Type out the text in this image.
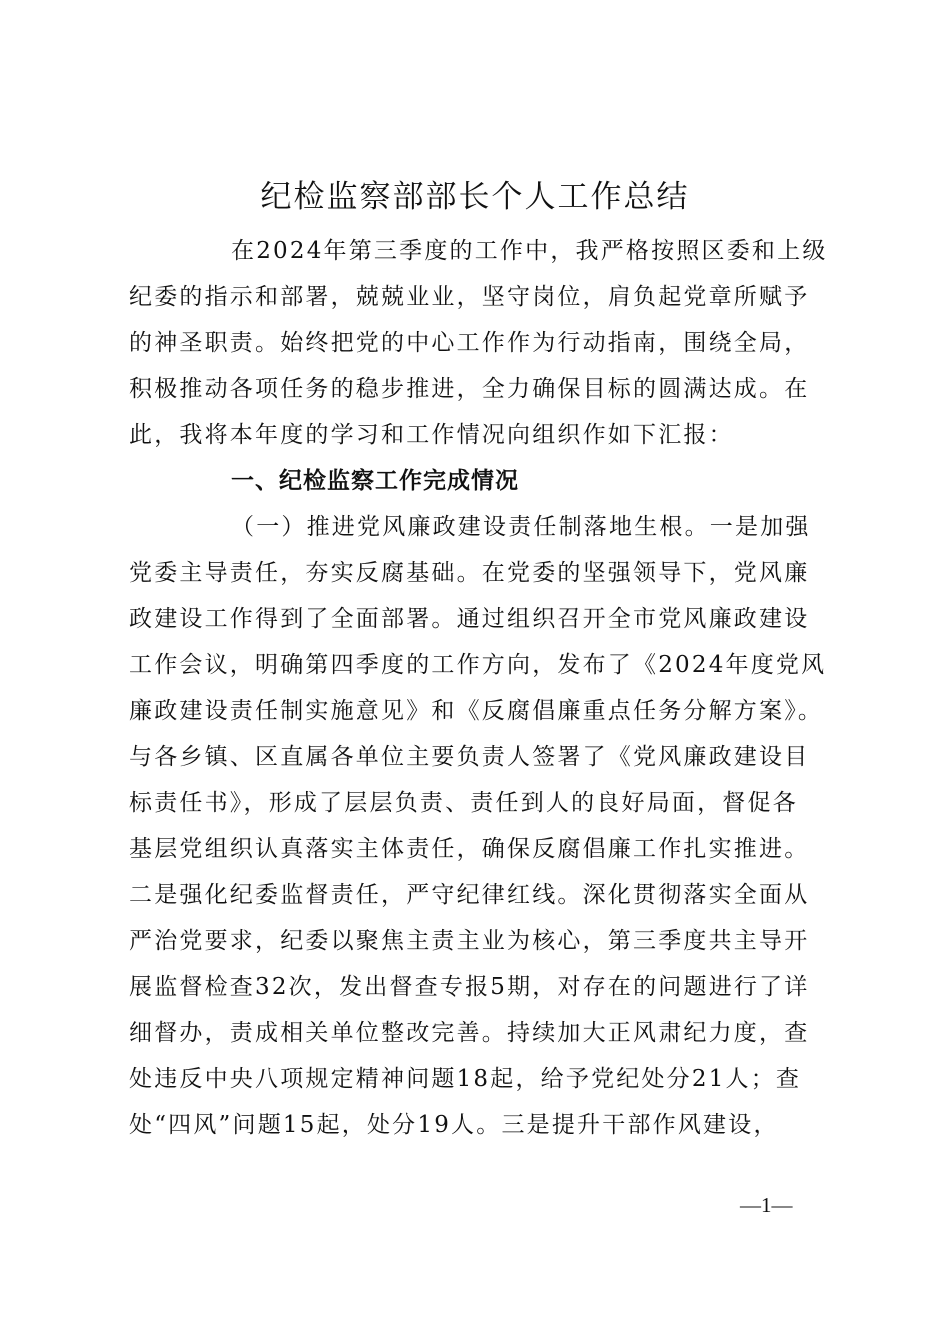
纪检监察部部长个人工作总结
在2024年第三季度的工作中，我严格按照区委和上级
纪委的指示和部署，兢兢业业，坚守岗位，肩负起党章所赋予
的神圣职责。始终把党的中心工作作为行动指南，围绕全局，
积极推动各项任务的稳步推进，全力确保目标的圆满达成。在
此，我将本年度的学习和工作情况向组织作如下汇报：
一、纪检监察工作完成情况
（一）推进党风廉政建设责任制落地生根。一是加强
党委主导责任，夯实反腐基础。在党委的坚强领导下，党风廉
政建设工作得到了全面部署。通过组织召开全市党风廉政建设
工作会议，明确第四季度的工作方向，发布了《2024年度党风
廉政建设责任制实施意见》和《反腐倡廉重点任务分解方案》。
与各乡镇、区直属各单位主要负责人签署了《党风廉政建设目
标责任书》，形成了层层负责、责任到人的良好局面，督促各
基层党组织认真落实主体责任，确保反腐倡廉工作扎实推进。
二是强化纪委监督责任，严守纪律红线。深化贯彻落实全面从
严治党要求，纪委以聚焦主责主业为核心，第三季度共主导开
展监督检查32次，发出督查专报5期，对存在的问题进行了详
细督办，责成相关单位整改完善。持续加大正风肃纪力度，查
处违反中央八项规定精神问题18起，给予党纪处分21人；查
处“四风”问题15起，处分19人。三是提升干部作风建设，
—1—
